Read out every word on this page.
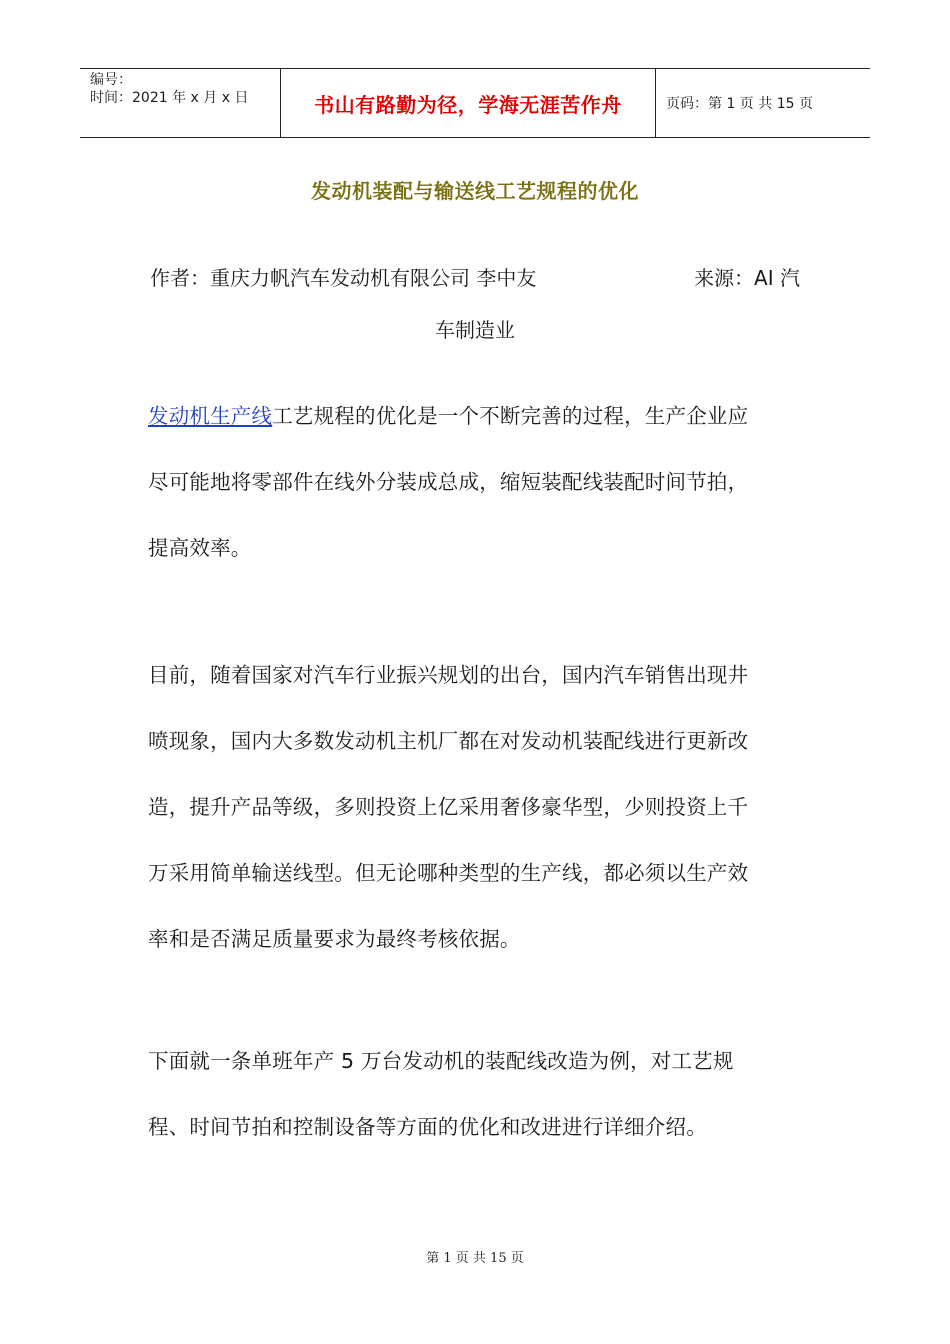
编号：
时间：2021 年 x 月 x 日	书山有路勤为径，学海无涯苦作舟	页码：第 1 页 共 15 页
发动机装配与输送线工艺规程的优化
作者：重庆力帆汽车发动机有限公司 李中友	来源：AI 汽
车制造业
发动机生产线工艺规程的优化是一个不断完善的过程，生产企业应
尽可能地将零部件在线外分装成总成，缩短装配线装配时间节拍，
提高效率。
目前，随着国家对汽车行业振兴规划的出台，国内汽车销售出现井
喷现象，国内大多数发动机主机厂都在对发动机装配线进行更新改
造，提升产品等级，多则投资上亿采用奢侈豪华型，少则投资上千
万采用简单输送线型。但无论哪种类型的生产线，都必须以生产效
率和是否满足质量要求为最终考核依据。
下面就一条单班年产 5 万台发动机的装配线改造为例，对工艺规
程、时间节拍和控制设备等方面的优化和改进进行详细介绍。
第 1 页 共 15 页
